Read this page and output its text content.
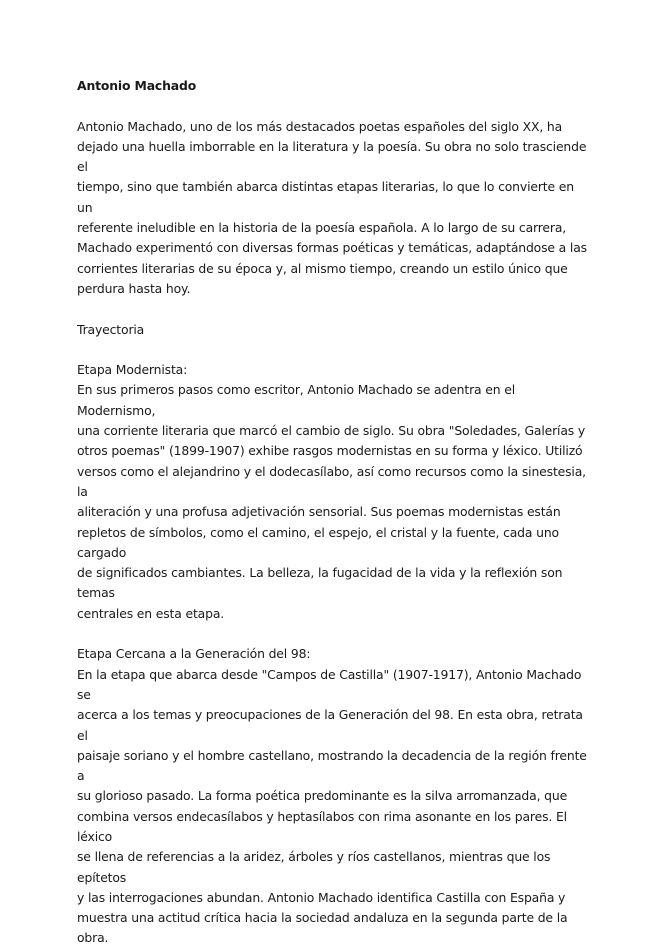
Antonio Machado

Antonio Machado, uno de los más destacados poetas españoles del siglo XX, ha
dejado una huella imborrable en la literatura y la poesía. Su obra no solo trasciende el
tiempo, sino que también abarca distintas etapas literarias, lo que lo convierte en un
referente ineludible en la historia de la poesía española. A lo largo de su carrera,
Machado experimentó con diversas formas poéticas y temáticas, adaptándose a las
corrientes literarias de su época y, al mismo tiempo, creando un estilo único que
perdura hasta hoy.

Trayectoria

Etapa Modernista:
En sus primeros pasos como escritor, Antonio Machado se adentra en el Modernismo,
una corriente literaria que marcó el cambio de siglo. Su obra "Soledades, Galerías y
otros poemas" (1899-1907) exhibe rasgos modernistas en su forma y léxico. Utilizó
versos como el alejandrino y el dodecasílabo, así como recursos como la sinestesia, la
aliteración y una profusa adjetivación sensorial. Sus poemas modernistas están
repletos de símbolos, como el camino, el espejo, el cristal y la fuente, cada uno cargado
de significados cambiantes. La belleza, la fugacidad de la vida y la reflexión son temas
centrales en esta etapa.
Etapa Cercana a la Generación del 98:
En la etapa que abarca desde "Campos de Castilla" (1907-1917), Antonio Machado se
acerca a los temas y preocupaciones de la Generación del 98. En esta obra, retrata el
paisaje soriano y el hombre castellano, mostrando la decadencia de la región frente a
su glorioso pasado. La forma poética predominante es la silva arromanzada, que
combina versos endecasílabos y heptasílabos con rima asonante en los pares. El léxico
se llena de referencias a la aridez, árboles y ríos castellanos, mientras que los epítetos
y las interrogaciones abundan. Antonio Machado identifica Castilla con España y
muestra una actitud crítica hacia la sociedad andaluza en la segunda parte de la obra.
